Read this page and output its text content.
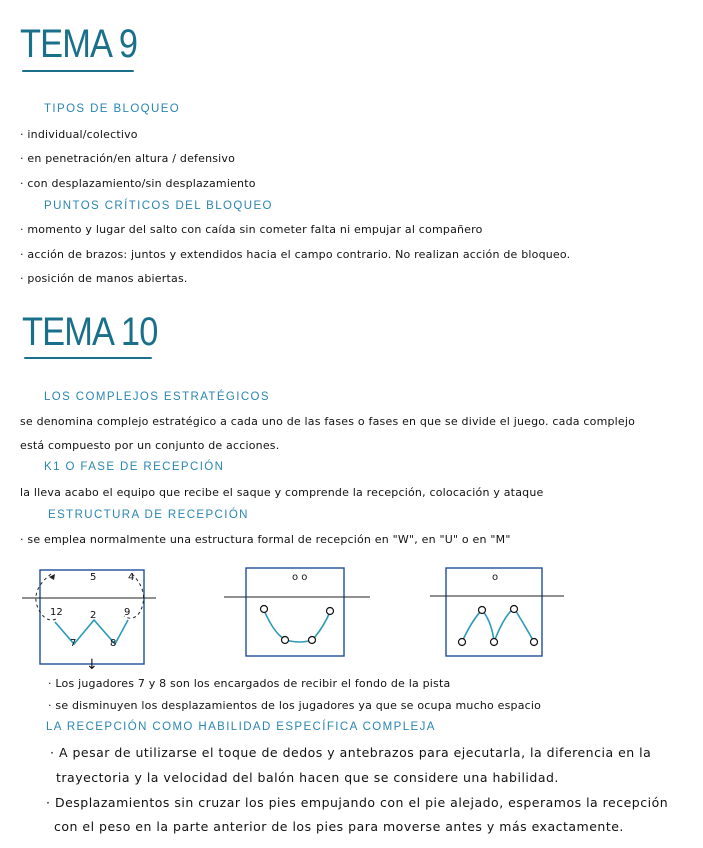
TEMA 9
TIPOS DE BLOQUEO
· individual/colectivo
· en penetración/en altura / defensivo
· con desplazamiento/sin desplazamiento
PUNTOS CRÍTICOS DEL BLOQUEO
· momento y lugar del salto con caída sin cometer falta ni empujar al compañero
· acción de brazos: juntos y extendidos hacia el campo contrario. No realizan acción de bloqueo.
· posición de manos abiertas.
TEMA 10
LOS COMPLEJOS ESTRATÉGICOS
se denomina complejo estratégico a cada uno de las fases o fases en que se divide el juego. cada complejo
está compuesto por un conjunto de acciones.
K1 O FASE DE RECEPCIÓN
la lleva acabo el equipo que recibe el saque y comprende la recepción, colocación y ataque
ESTRUCTURA DE RECEPCIÓN
· se emplea normalmente una estructura formal de recepción en "W", en "U" o en "M"
5	4
12	2	9
7	8
↓
o o	o
· Los jugadores 7 y 8 son los encargados de recibir el fondo de la pista
· se disminuyen los desplazamientos de los jugadores ya que se ocupa mucho espacio
LA RECEPCIÓN COMO HABILIDAD ESPECÍFICA COMPLEJA
· A pesar de utilizarse el toque de dedos y antebrazos para ejecutarla, la diferencia en la
trayectoria y la velocidad del balón hacen que se considere una habilidad.
· Desplazamientos sin cruzar los pies empujando con el pie alejado, esperamos la recepción
con el peso en la parte anterior de los pies para moverse antes y más exactamente.
